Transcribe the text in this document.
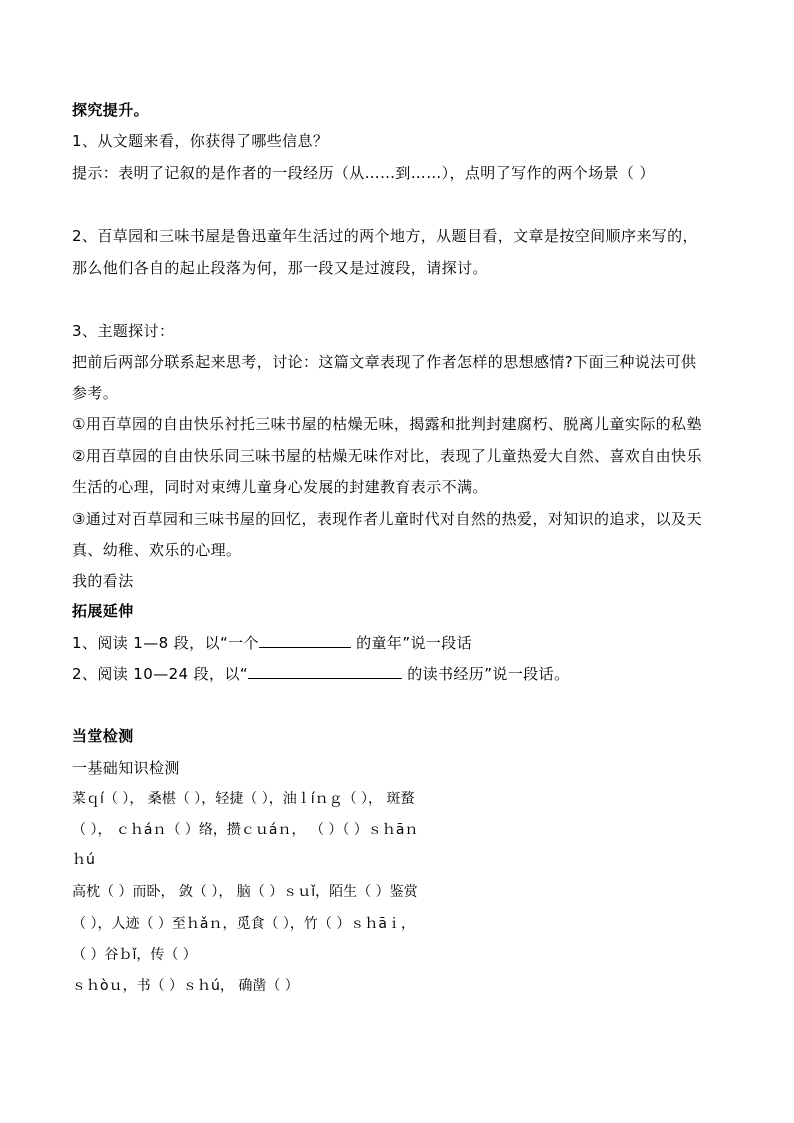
探究提升。
1、从文题来看，你获得了哪些信息？
提示：表明了记叙的是作者的一段经历（从……到……），点明了写作的两个场景（ ）
2、百草园和三味书屋是鲁迅童年生活过的两个地方，从题目看，文章是按空间顺序来写的，
那么他们各自的起止段落为何，那一段又是过渡段，请探讨。
3、主题探讨：
把前后两部分联系起来思考，讨论：这篇文章表现了作者怎样的思想感情?下面三种说法可供
参考。
①用百草园的自由快乐衬托三味书屋的枯燥无味，揭露和批判封建腐朽、脱离儿童实际的私塾
②用百草园的自由快乐同三味书屋的枯燥无味作对比，表现了儿童热爱大自然、喜欢自由快乐
生活的心理，同时对束缚儿童身心发展的封建教育表示不满。
③通过对百草园和三味书屋的回忆，表现作者儿童时代对自然的热爱，对知识的追求，以及天
真、幼稚、欢乐的心理。
我的看法
拓展延伸
1、阅读 1—8 段，以“一个	的童年”说一段话
2、阅读 10—24 段，以“	的读书经历”说一段话。
当堂检测
一基础知识检测
菜ｑí（ ）， 桑椹（ ），轻捷（ ），油ｌíｎｇ（ ）， 斑蝥
（ ）， ｃｈáｎ（ ）络，攒ｃｕáｎ， （ ）（ ）ｓｈāｎ
ｈú
高枕（ ）而卧， 敛（ ）， 脑（ ）ｓｕǐ，陌生（ ）鉴赏
（ ），人迹（ ）至ｈǎｎ，觅食（ ），竹（ ）ｓｈāｉ，
（ ）谷ｂǐ，传（ ）
ｓｈòｕ，书（ ）ｓｈú， 确凿（ ）
